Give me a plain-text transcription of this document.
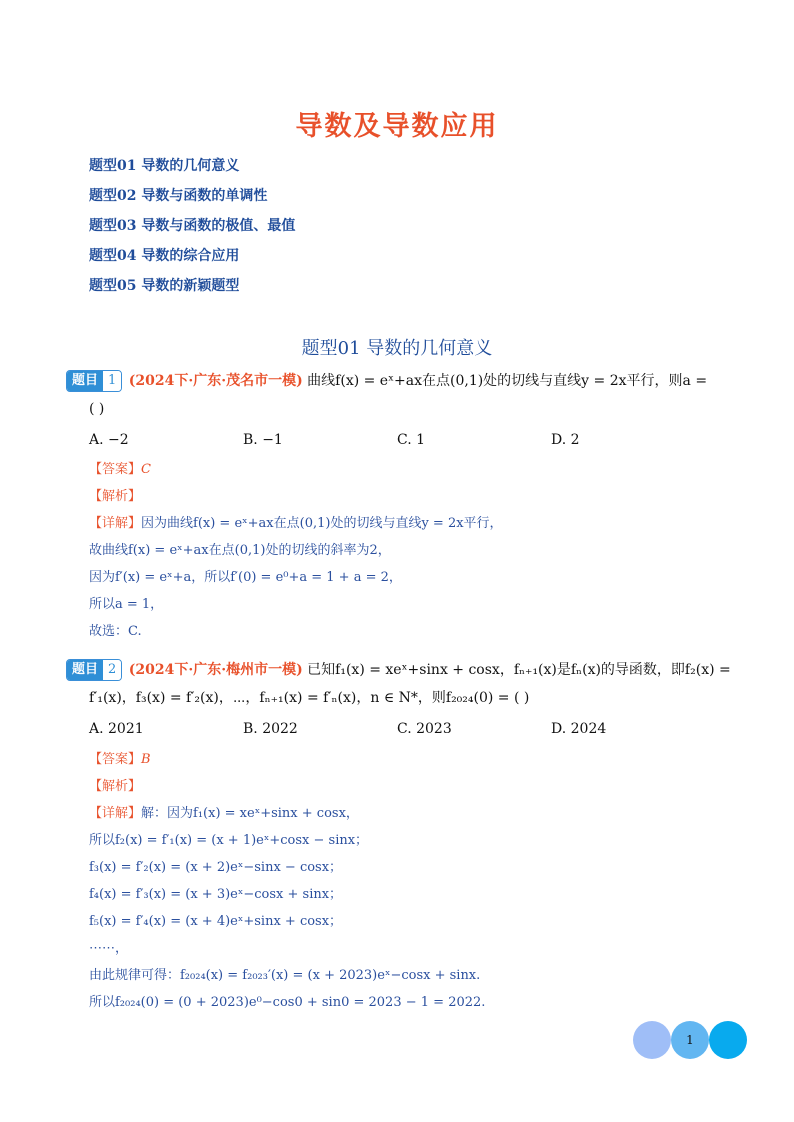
导数及导数应用
题型01 导数的几何意义
题型02 导数与函数的单调性
题型03 导数与函数的极值、最值
题型04 导数的综合应用
题型05 导数的新颖题型
题型01 导数的几何意义
题目 1 (2024下·广东·茂名市一模) 曲线f(x) = eˣ+ax在点(0,1)处的切线与直线y = 2x平行，则a =
( )
A. −2	B. −1	C. 1	D. 2
【答案】C
【解析】
【详解】因为曲线f(x) = eˣ+ax在点(0,1)处的切线与直线y = 2x平行，
故曲线f(x) = eˣ+ax在点(0,1)处的切线的斜率为2，
因为f′(x) = eˣ+a，所以f′(0) = e⁰+a = 1 + a = 2，
所以a = 1，
故选：C.
题目 2 (2024下·广东·梅州市一模) 已知f₁(x) = xeˣ+sinx + cosx，fₙ₊₁(x)是fₙ(x)的导函数，即f₂(x) =
f′₁(x)，f₃(x) = f′₂(x)，⋯，fₙ₊₁(x) = f′ₙ(x)，n ∈ N*，则f₂₀₂₄(0) = ( )
A. 2021	B. 2022	C. 2023	D. 2024
【答案】B
【解析】
【详解】解：因为f₁(x) = xeˣ+sinx + cosx，
所以f₂(x) = f′₁(x) = (x + 1)eˣ+cosx − sinx；
f₃(x) = f′₂(x) = (x + 2)eˣ−sinx − cosx；
f₄(x) = f′₃(x) = (x + 3)eˣ−cosx + sinx；
f₅(x) = f′₄(x) = (x + 4)eˣ+sinx + cosx；
⋯⋯，
由此规律可得：f₂₀₂₄(x) = f₂₀₂₃′(x) = (x + 2023)eˣ−cosx + sinx.
所以f₂₀₂₄(0) = (0 + 2023)e⁰−cos0 + sin0 = 2023 − 1 = 2022.
1
